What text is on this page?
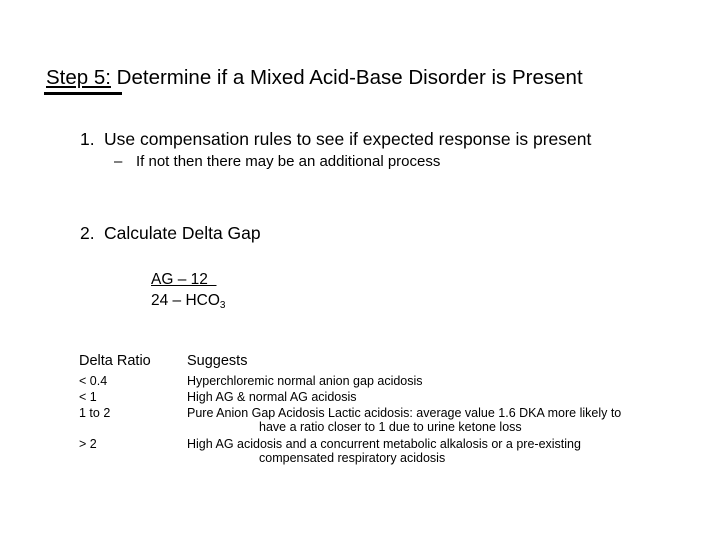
Step 5: Determine if a Mixed Acid-Base Disorder is Present
1. Use compensation rules to see if expected response is present
– If not then there may be an additional process
2. Calculate Delta Gap
AG – 12
$24 - HCO_3$
Delta Ratio	Suggests
< 0.4	Hyperchloremic normal anion gap acidosis
< 1	High AG & normal AG acidosis
1 to 2	Pure Anion Gap Acidosis Lactic acidosis: average value 1.6 DKA more likely to
have a ratio closer to 1 due to urine ketone loss
> 2	High AG acidosis and a concurrent metabolic alkalosis or a pre-existing
compensated respiratory acidosis
